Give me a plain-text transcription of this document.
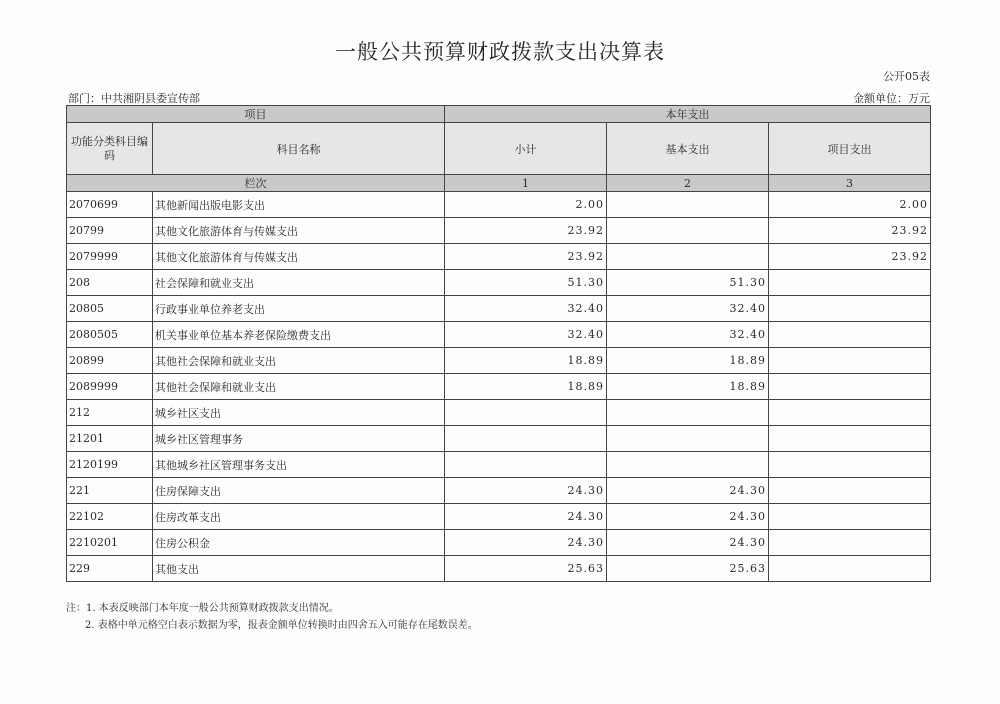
一般公共预算财政拨款支出决算表
公开05表
部门：中共湘阴县委宣传部	金额单位：万元
项目		本年支出		
功能分类科目编码	科目名称	小计	基本支出	项目支出
栏次		1	2	3
2070699	其他新闻出版电影支出	2.00		2.00
20799	其他文化旅游体育与传媒支出	23.92		23.92
2079999	其他文化旅游体育与传媒支出	23.92		23.92
208	社会保障和就业支出	51.30	51.30	
20805	行政事业单位养老支出	32.40	32.40	
2080505	机关事业单位基本养老保险缴费支出	32.40	32.40	
20899	其他社会保障和就业支出	18.89	18.89	
2089999	其他社会保障和就业支出	18.89	18.89	
212	城乡社区支出			
21201	城乡社区管理事务			
2120199	其他城乡社区管理事务支出			
221	住房保障支出	24.30	24.30	
22102	住房改革支出	24.30	24.30	
2210201	住房公积金	24.30	24.30	
229	其他支出	25.63	25.63	
注：1. 本表反映部门本年度一般公共预算财政拨款支出情况。
2. 表格中单元格空白表示数据为零，报表金额单位转换时由四舍五入可能存在尾数误差。
